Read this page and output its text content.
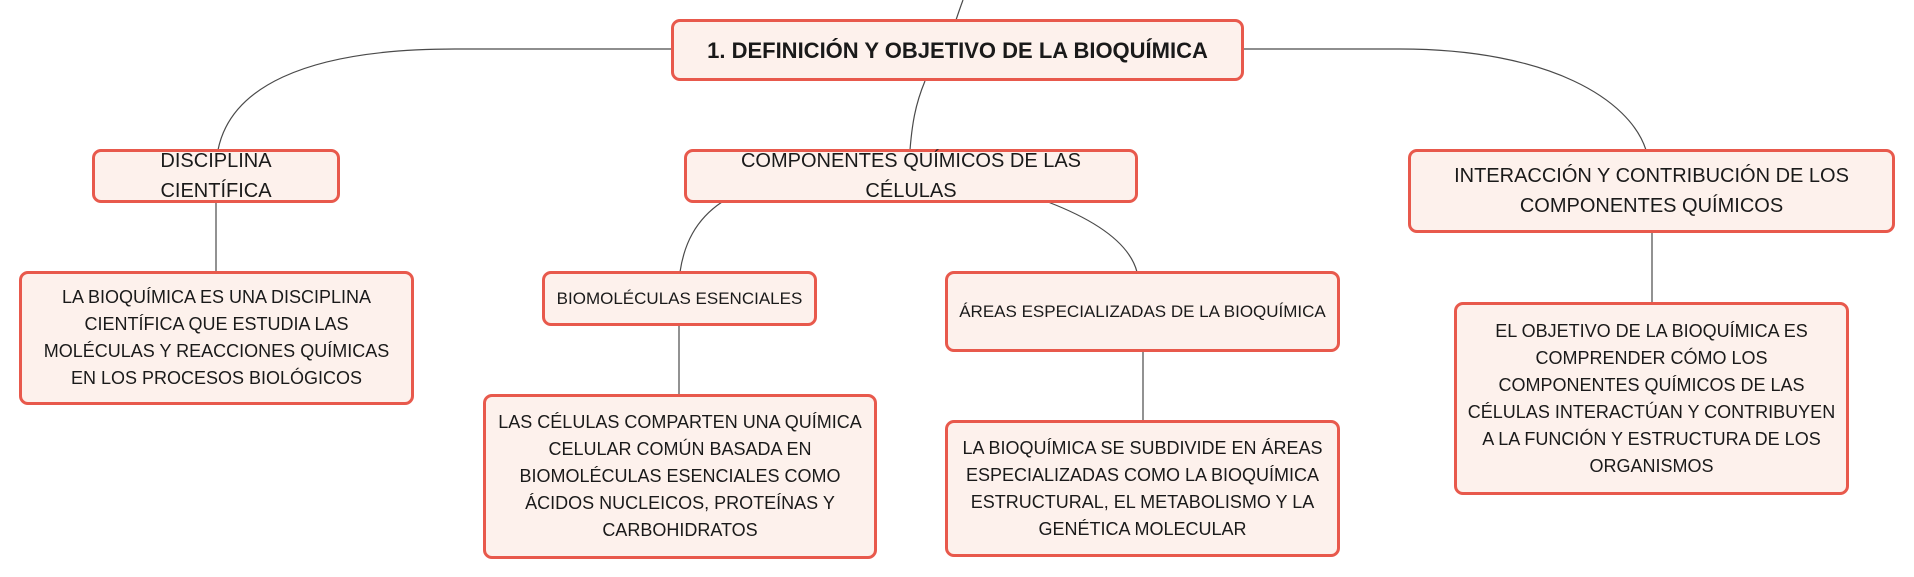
1. DEFINICIÓN Y OBJETIVO DE LA BIOQUÍMICA
DISCIPLINA CIENTÍFICA
COMPONENTES QUÍMICOS DE LAS CÉLULAS
INTERACCIÓN Y CONTRIBUCIÓN DE LOS COMPONENTES QUÍMICOS
LA BIOQUÍMICA ES UNA DISCIPLINA CIENTÍFICA QUE ESTUDIA LAS MOLÉCULAS Y REACCIONES QUÍMICAS EN LOS PROCESOS BIOLÓGICOS
BIOMOLÉCULAS ESENCIALES
ÁREAS ESPECIALIZADAS DE LA BIOQUÍMICA
LAS CÉLULAS COMPARTEN UNA QUÍMICA CELULAR COMÚN BASADA EN BIOMOLÉCULAS ESENCIALES COMO ÁCIDOS NUCLEICOS, PROTEÍNAS Y CARBOHIDRATOS
LA BIOQUÍMICA SE SUBDIVIDE EN ÁREAS ESPECIALIZADAS COMO LA BIOQUÍMICA ESTRUCTURAL, EL METABOLISMO Y LA GENÉTICA MOLECULAR
EL OBJETIVO DE LA BIOQUÍMICA ES COMPRENDER CÓMO LOS COMPONENTES QUÍMICOS DE LAS CÉLULAS INTERACTÚAN Y CONTRIBUYEN A LA FUNCIÓN Y ESTRUCTURA DE LOS ORGANISMOS
